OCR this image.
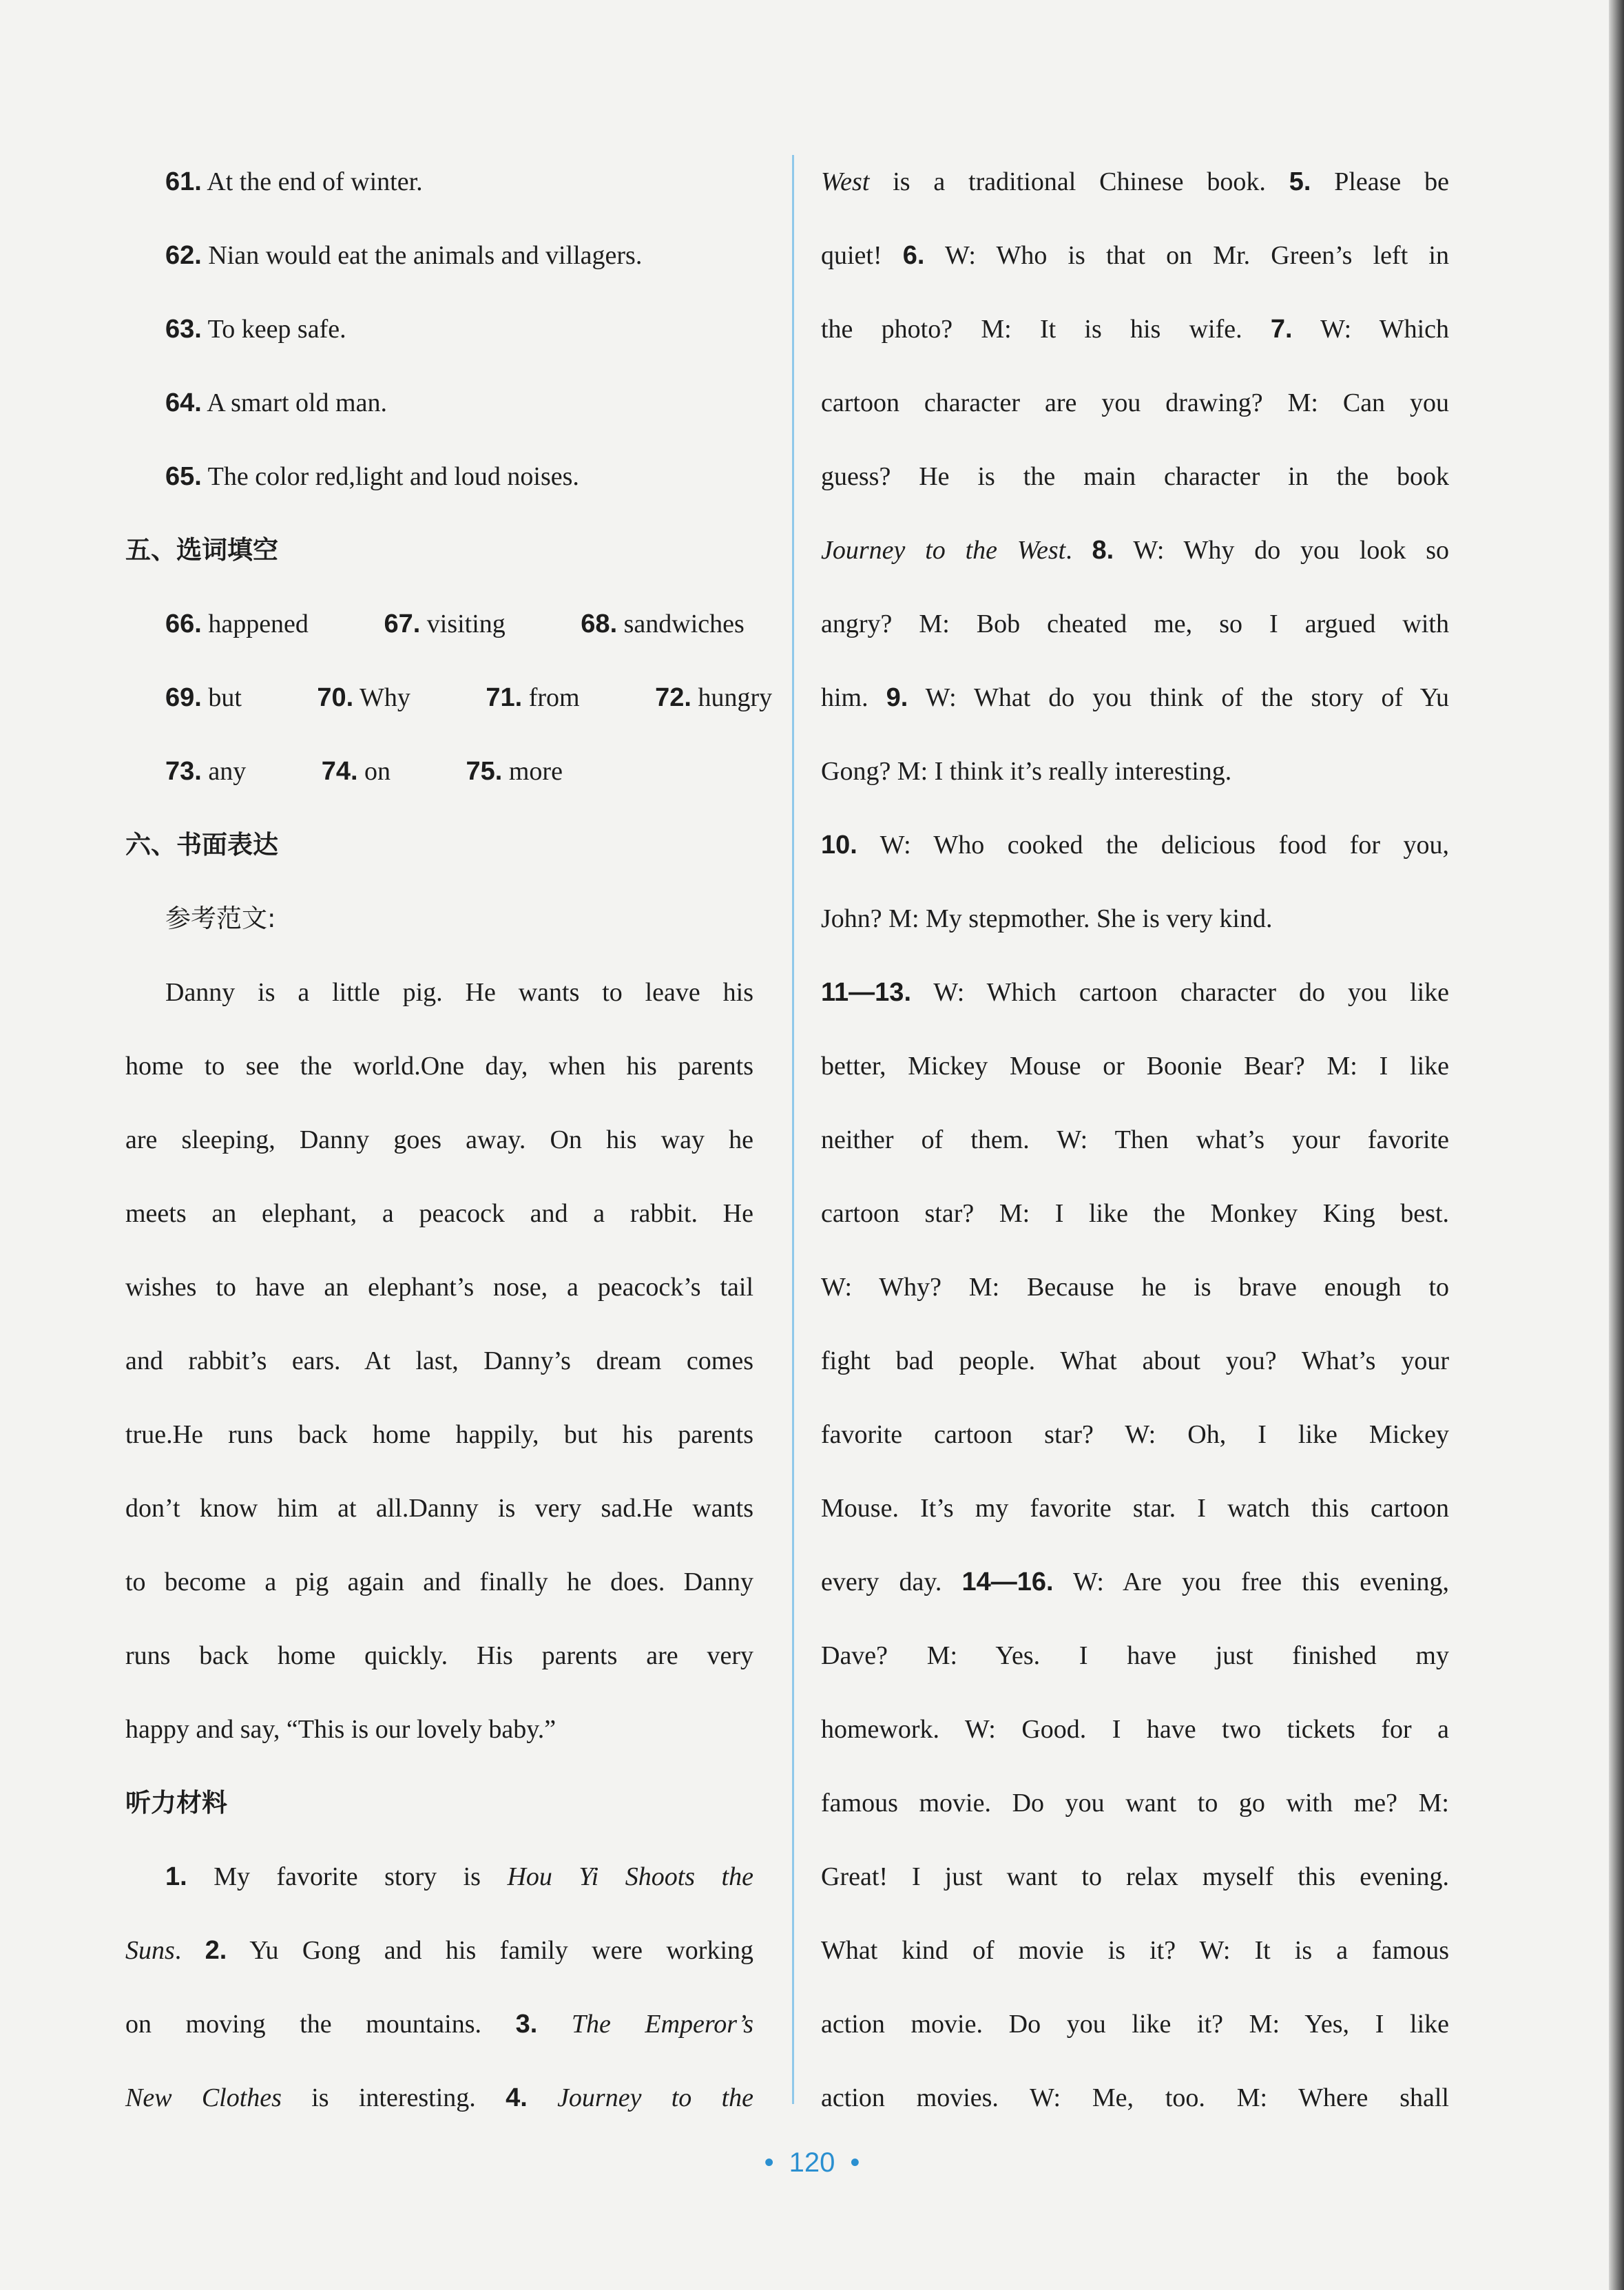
61. At the end of winter.
62. Nian would eat the animals and villagers.
63. To keep safe.
64. A smart old man.
65. The color red,light and loud noises.
五、选词填空
66. happened	67. visiting	68. sandwiches
69. but	70. Why	71. from	72. hungry
73. any	74. on	75. more
六、书面表达
参考范文:
Danny is a little pig. He wants to leave his
home to see the world.One day, when his parents
are sleeping, Danny goes away. On his way he
meets an elephant, a peacock and a rabbit. He
wishes to have an elephant’s nose, a peacock’s tail
and rabbit’s ears. At last, Danny’s dream comes
true.He runs back home happily, but his parents
don’t know him at all.Danny is very sad.He wants
to become a pig again and finally he does. Danny
runs back home quickly. His parents are very
happy and say, “This is our lovely baby.”
听力材料
1. My favorite story is Hou Yi Shoots the
Suns. 2. Yu Gong and his family were working
on moving the mountains. 3. The Emperor’s
New Clothes is interesting. 4. Journey to the
West is a traditional Chinese book. 5. Please be
quiet! 6. W: Who is that on Mr. Green’s left in
the photo? M: It is his wife. 7. W: Which
cartoon character are you drawing? M: Can you
guess? He is the main character in the book
Journey to the West. 8. W: Why do you look so
angry? M: Bob cheated me, so I argued with
him. 9. W: What do you think of the story of Yu
Gong? M: I think it’s really interesting.
10. W: Who cooked the delicious food for you,
John? M: My stepmother. She is very kind.
11—13. W: Which cartoon character do you like
better, Mickey Mouse or Boonie Bear? M: I like
neither of them. W: Then what’s your favorite
cartoon star? M: I like the Monkey King best.
W: Why? M: Because he is brave enough to
fight bad people. What about you? What’s your
favorite cartoon star? W: Oh, I like Mickey
Mouse. It’s my favorite star. I watch this cartoon
every day. 14—16. W: Are you free this evening,
Dave? M: Yes. I have just finished my
homework. W: Good. I have two tickets for a
famous movie. Do you want to go with me? M:
Great! I just want to relax myself this evening.
What kind of movie is it? W: It is a famous
action movie. Do you like it? M: Yes, I like
action movies. W: Me, too. M: Where shall
• 120 •
